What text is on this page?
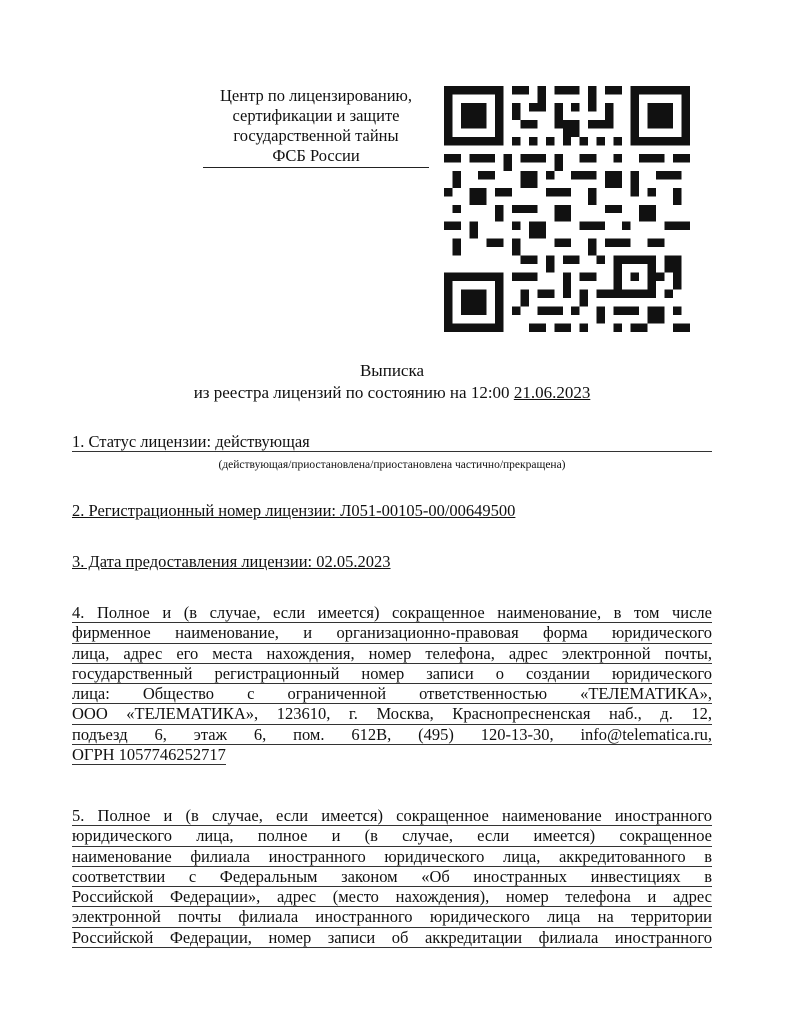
Центр по лицензированию,
сертификации и защите
государственной тайны
ФСБ России
Выписка
из реестра лицензий по состоянию на 12:00 21.06.2023
1. Статус лицензии: действующая
(действующая/приостановлена/приостановлена частично/прекращена)
2. Регистрационный номер лицензии: Л051-00105-00/00649500
3. Дата предоставления лицензии: 02.05.2023
4. Полное и (в случае, если имеется) сокращенное наименование, в том числе
фирменное наименование, и организационно-правовая форма юридического
лица, адрес его места нахождения, номер телефона, адрес электронной почты,
государственный регистрационный номер записи о создании юридического
лица: Общество с ограниченной ответственностью «ТЕЛЕМАТИКА»,
ООО «ТЕЛЕМАТИКА», 123610, г. Москва, Краснопресненская наб., д. 12,
подъезд 6, этаж 6, пом. 612В, (495) 120-13-30, info@telematica.ru,
ОГРН 1057746252717
5. Полное и (в случае, если имеется) сокращенное наименование иностранного
юридического лица, полное и (в случае, если имеется) сокращенное
наименование филиала иностранного юридического лица, аккредитованного в
соответствии с Федеральным законом «Об иностранных инвестициях в
Российской Федерации», адрес (место нахождения), номер телефона и адрес
электронной почты филиала иностранного юридического лица на территории
Российской Федерации, номер записи об аккредитации филиала иностранного
